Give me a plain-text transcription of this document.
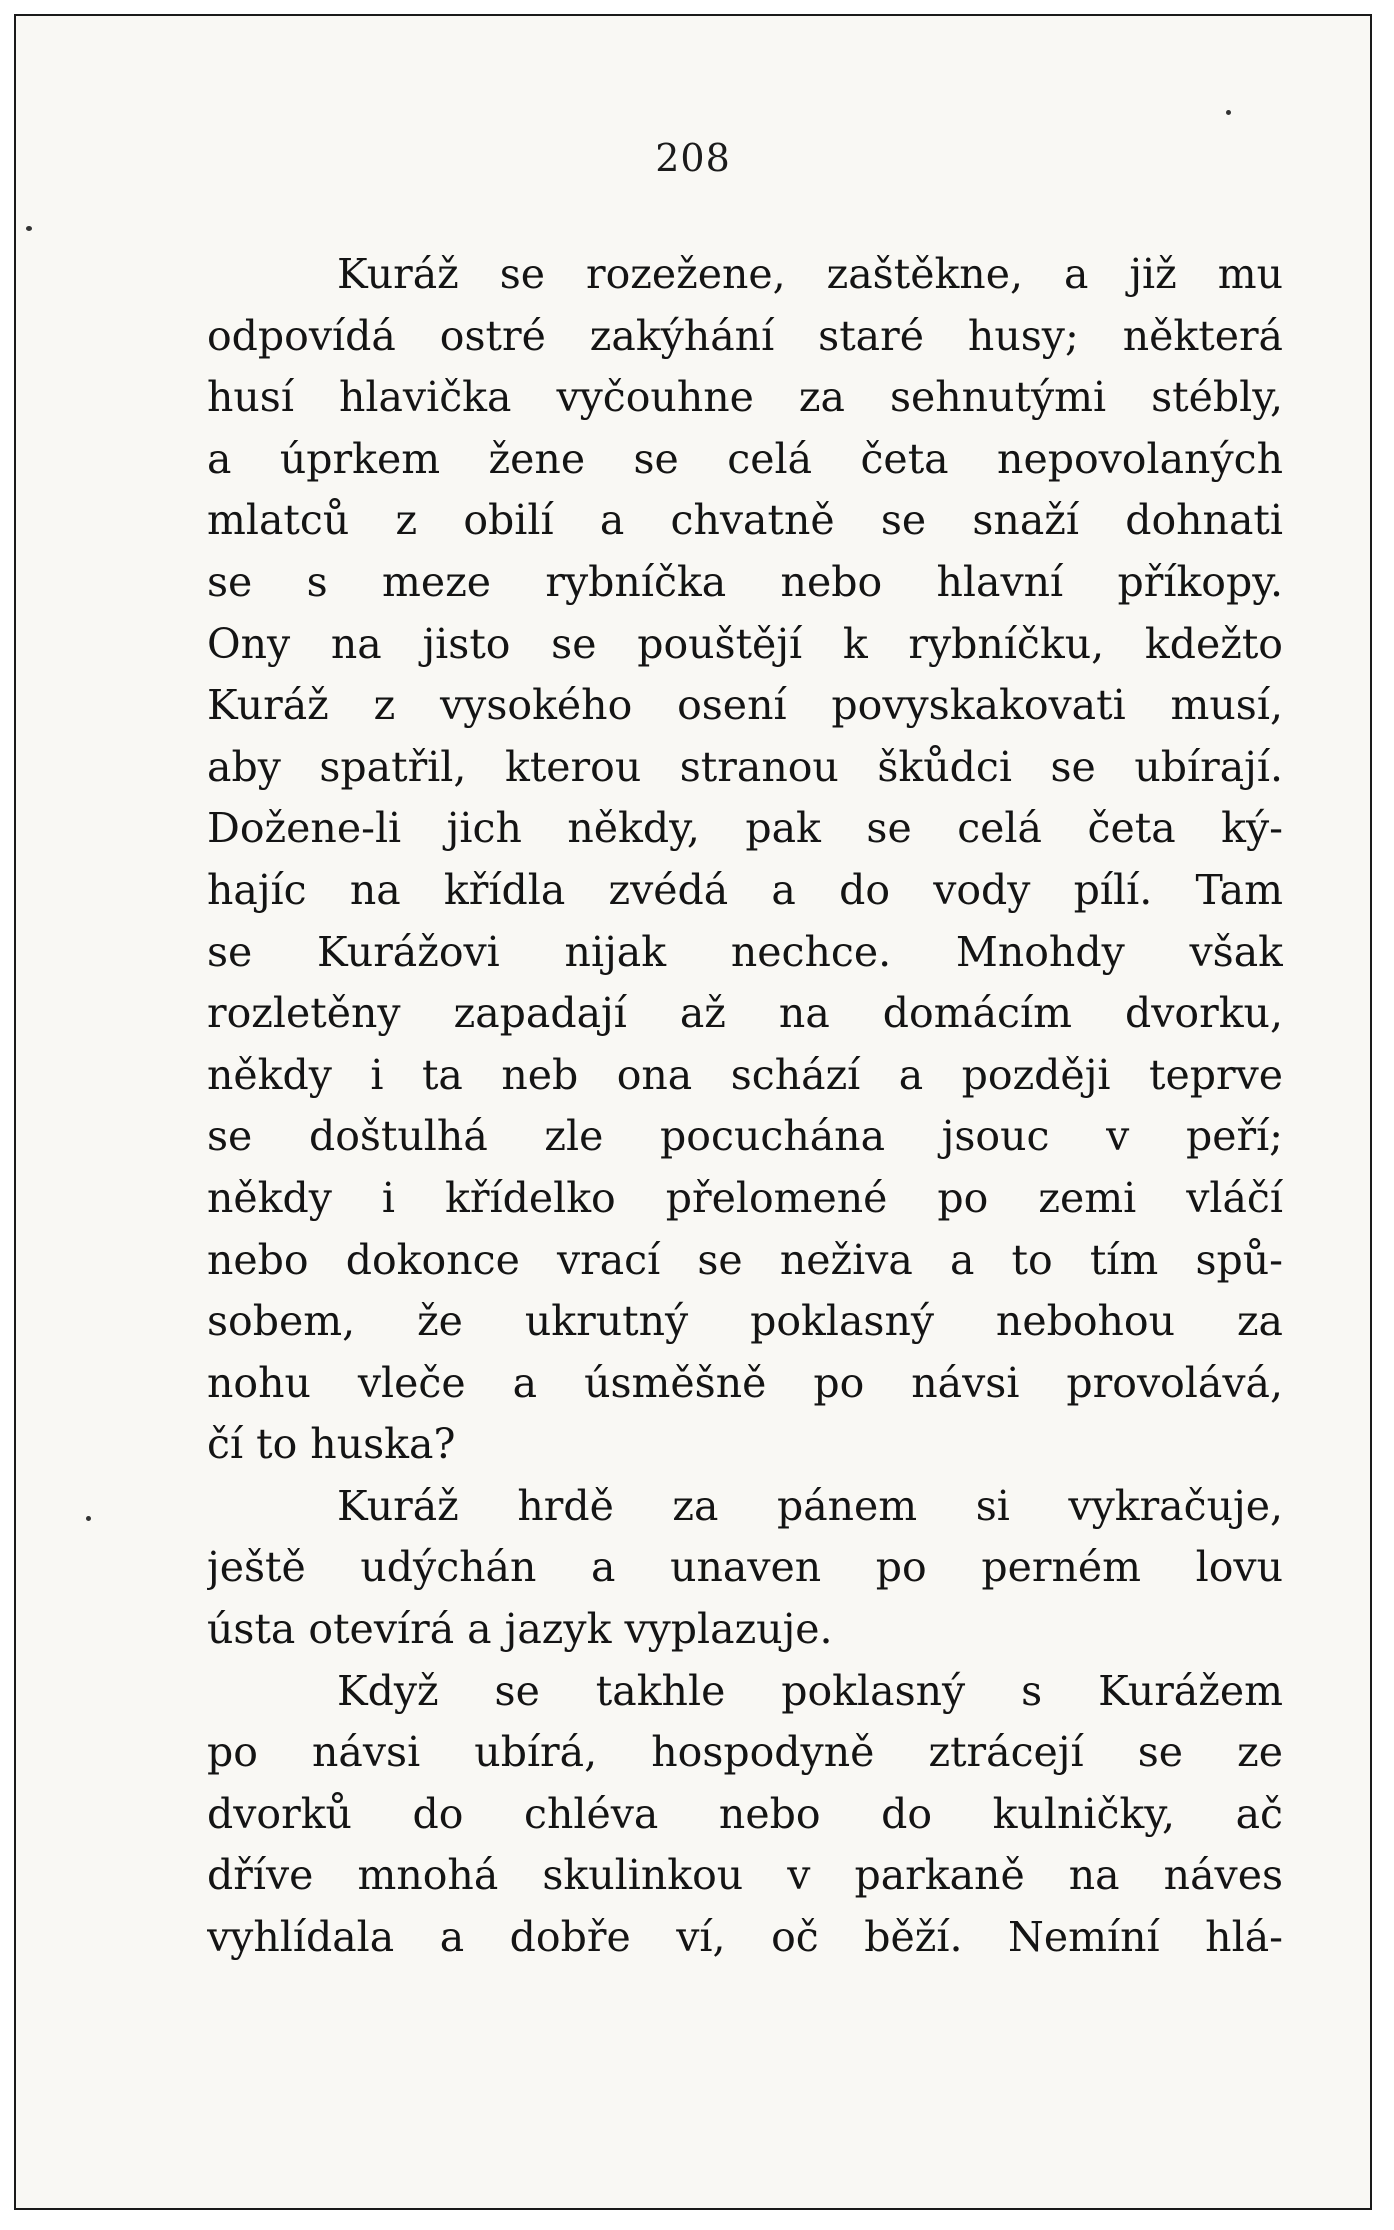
208
Kuráž se rozežene, zaštěkne, a již mu
odpovídá ostré zakýhání staré husy; některá
husí hlavička vyčouhne za sehnutými stébly,
a úprkem žene se celá četa nepovolaných
mlatců z obilí a chvatně se snaží dohnati
se s meze rybníčka nebo hlavní příkopy.
Ony na jisto se pouštějí k rybníčku, kdežto
Kuráž z vysokého osení povyskakovati musí,
aby spatřil, kterou stranou škůdci se ubírají.
Dožene-li jich někdy, pak se celá četa ký-
hajíc na křídla zvédá a do vody pílí. Tam
se Kurážovi nijak nechce. Mnohdy však
rozletěny zapadají až na domácím dvorku,
někdy i ta neb ona schází a později teprve
se doštulhá zle pocuchána jsouc v peří;
někdy i křídelko přelomené po zemi vláčí
nebo dokonce vrací se neživa a to tím spů-
sobem, že ukrutný poklasný nebohou za
nohu vleče a úsměšně po návsi provolává,
čí to huska?
Kuráž hrdě za pánem si vykračuje,
ještě udýchán a unaven po perném lovu
ústa otevírá a jazyk vyplazuje.
Když se takhle poklasný s Kurážem
po návsi ubírá, hospodyně ztrácejí se ze
dvorků do chléva nebo do kulničky, ač
dříve mnohá skulinkou v parkaně na náves
vyhlídala a dobře ví, oč běží. Nemíní hlá-
